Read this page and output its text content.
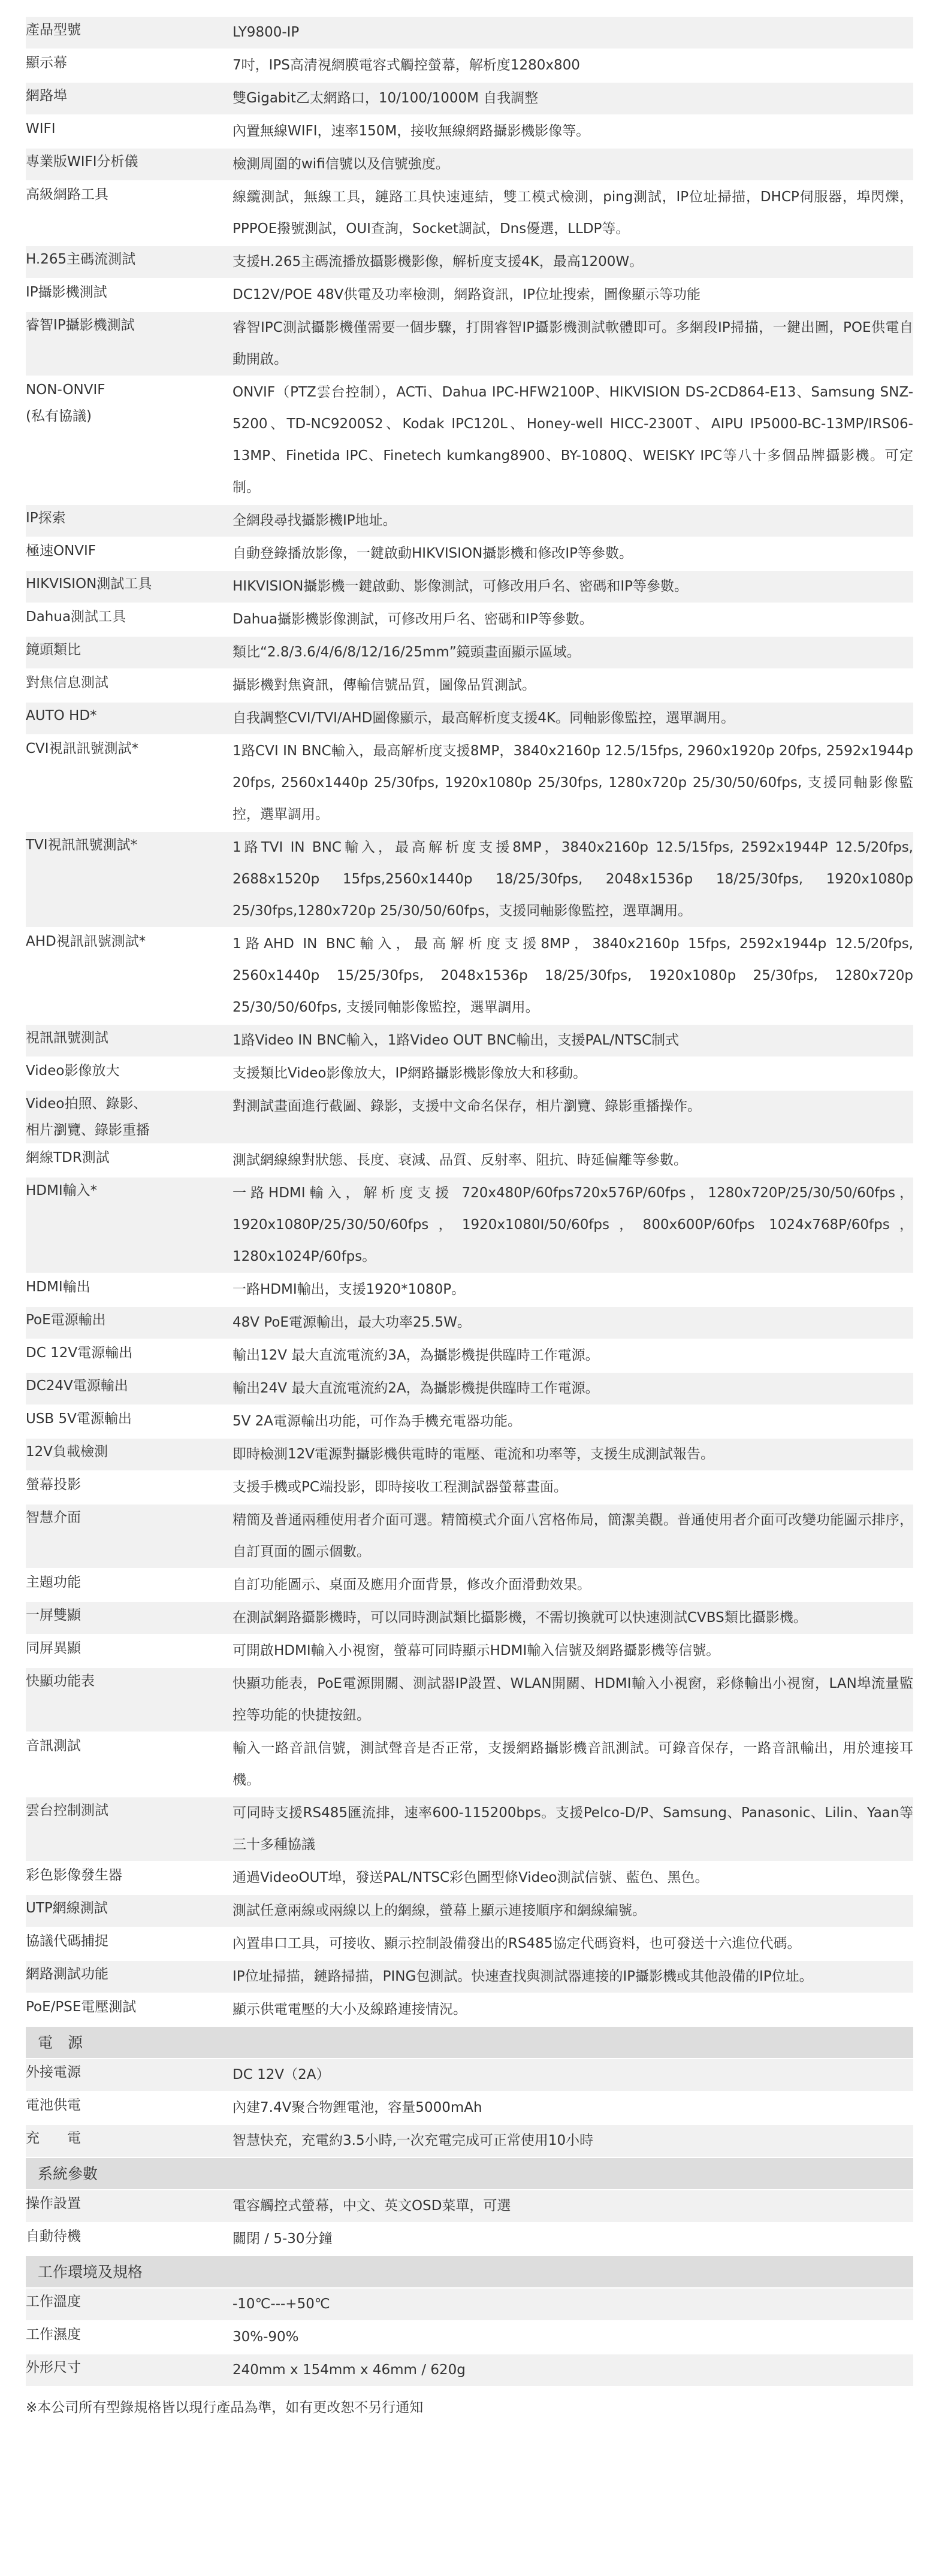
產品型號	LY9800-IP
顯示幕	7吋，IPS高清視網膜電容式觸控螢幕，解析度1280x800
網路埠	雙Gigabit乙太網路口，10/100/1000M 自我調整
WIFI	內置無線WIFI，速率150M，接收無線網路攝影機影像等。
專業版WIFI分析儀	檢測周圍的wifi信號以及信號強度。
高級網路工具	線纜測試，無線工具，鏈路工具快速連結，雙工模式檢測，ping測試，IP位址掃描，DHCP伺服器，埠閃爍，PPPOE撥號測試，OUI查詢，Socket調試，Dns優選，LLDP等。
H.265主碼流測試	支援H.265主碼流播放攝影機影像，解析度支援4K，最高1200W。
IP攝影機測試	DC12V/POE 48V供電及功率檢測，網路資訊，IP位址搜索，圖像顯示等功能
睿智IP攝影機測試	睿智IPC測試攝影機僅需要一個步驟，打開睿智IP攝影機測試軟體即可。多網段IP掃描，一鍵出圖，POE供電自動開啟。
NON-ONVIF
(私有協議)	ONVIF（PTZ雲台控制），ACTi、Dahua IPC-HFW2100P、HIKVISION DS-2CD864-E13、Samsung SNZ-5200、TD-NC9200S2、Kodak IPC120L、Honey-well HICC-2300T、AIPU IP5000-BC-13MP/IRS06-13MP、Finetida IPC、Finetech kumkang8900、BY-1080Q、WEISKY IPC等八十多個品牌攝影機。可定制。
IP探索	全網段尋找攝影機IP地址。
極速ONVIF	自動登錄播放影像，一鍵啟動HIKVISION攝影機和修改IP等參數。
HIKVISION測試工具	HIKVISION攝影機一鍵啟動、影像測試，可修改用戶名、密碼和IP等參數。
Dahua測試工具	Dahua攝影機影像測試，可修改用戶名、密碼和IP等參數。
鏡頭類比	類比“2.8/3.6/4/6/8/12/16/25mm”鏡頭畫面顯示區域。
對焦信息測試	攝影機對焦資訊，傳輸信號品質，圖像品質測試。
AUTO HD*	自我調整CVI/TVI/AHD圖像顯示，最高解析度支援4K。同軸影像監控，選單調用。
CVI視訊訊號測試*	1路CVI IN BNC輸入，最高解析度支援8MP，3840x2160p 12.5/15fps, 2960x1920p 20fps, 2592x1944p 20fps, 2560x1440p 25/30fps, 1920x1080p 25/30fps, 1280x720p 25/30/50/60fps, 支援同軸影像監控，選單調用。
TVI視訊訊號測試*	1路TVI IN BNC輸入，最高解析度支援8MP，3840x2160p 12.5/15fps, 2592x1944P 12.5/20fps, 2688x1520p 15fps,2560x1440p 18/25/30fps, 2048x1536p 18/25/30fps, 1920x1080p 25/30fps,1280x720p 25/30/50/60fps，支援同軸影像監控，選單調用。
AHD視訊訊號測試*	1路AHD IN BNC輸入，最高解析度支援8MP，3840x2160p 15fps, 2592x1944p 12.5/20fps, 2560x1440p 15/25/30fps, 2048x1536p 18/25/30fps, 1920x1080p 25/30fps, 1280x720p 25/30/50/60fps, 支援同軸影像監控，選單調用。
視訊訊號測試	1路Video IN BNC輸入，1路Video OUT BNC輸出，支援PAL/NTSC制式
Video影像放大	支援類比Video影像放大，IP網路攝影機影像放大和移動。
Video拍照、錄影、
相片瀏覽、錄影重播	對測試畫面進行截圖、錄影，支援中文命名保存，相片瀏覽、錄影重播操作。
網線TDR測試	測試網線線對狀態、長度、衰減、品質、反射率、阻抗、時延偏離等參數。
HDMI輸入*	一路HDMI輸入，解析度支援 720x480P/60fps720x576P/60fps，1280x720P/25/30/50/60fps，1920x1080P/25/30/50/60fps，1920x1080I/50/60fps，800x600P/60fps 1024x768P/60fps，1280x1024P/60fps。
HDMI輸出	一路HDMI輸出，支援1920*1080P。
PoE電源輸出	48V PoE電源輸出，最大功率25.5W。
DC 12V電源輸出	輸出12V 最大直流電流約3A，為攝影機提供臨時工作電源。
DC24V電源輸出	輸出24V 最大直流電流約2A，為攝影機提供臨時工作電源。
USB 5V電源輸出	5V 2A電源輸出功能，可作為手機充電器功能。
12V負載檢測	即時檢測12V電源對攝影機供電時的電壓、電流和功率等，支援生成測試報告。
螢幕投影	支援手機或PC端投影，即時接收工程測試器螢幕畫面。
智慧介面	精簡及普通兩種使用者介面可選。精簡模式介面八宮格佈局，簡潔美觀。普通使用者介面可改變功能圖示排序，自訂頁面的圖示個數。
主題功能	自訂功能圖示、桌面及應用介面背景，修改介面滑動效果。
一屏雙顯	在測試網路攝影機時，可以同時測試類比攝影機，不需切換就可以快速測試CVBS類比攝影機。
同屏異顯	可開啟HDMI輸入小視窗，螢幕可同時顯示HDMI輸入信號及網路攝影機等信號。
快顯功能表	快顯功能表，PoE電源開關、測試器IP設置、WLAN開關、HDMI輸入小視窗，彩條輸出小視窗，LAN埠流量監控等功能的快捷按鈕。
音訊測試	輸入一路音訊信號，測試聲音是否正常，支援網路攝影機音訊測試。可錄音保存，一路音訊輸出，用於連接耳機。
雲台控制測試	可同時支援RS485匯流排，速率600-115200bps。支援Pelco-D/P、Samsung、Panasonic、Lilin、Yaan等三十多種協議
彩色影像發生器	通過VideoOUT埠，發送PAL/NTSC彩色圖型條Video測試信號、藍色、黑色。
UTP網線測試	測試任意兩線或兩線以上的網線，螢幕上顯示連接順序和網線編號。
協議代碼捕捉	內置串口工具，可接收、顯示控制設備發出的RS485協定代碼資料，也可發送十六進位代碼。
網路測試功能	IP位址掃描，鏈路掃描，PING包測試。快速查找與測試器連接的IP攝影機或其他設備的IP位址。
PoE/PSE電壓測試	顯示供電電壓的大小及線路連接情況。
電　源	
外接電源	DC 12V（2A）
電池供電	內建7.4V聚合物鋰電池，容量5000mAh
充　　電	智慧快充，充電約3.5小時,一次充電完成可正常使用10小時
系統參數	
操作設置	電容觸控式螢幕，中文、英文OSD菜單，可選
自動待機	關閉 / 5-30分鐘
工作環境及規格	
工作溫度	-10℃---+50℃
工作濕度	30%-90%
外形尺寸	240mm x 154mm x 46mm / 620g
※本公司所有型錄規格皆以現行產品為準，如有更改恕不另行通知
